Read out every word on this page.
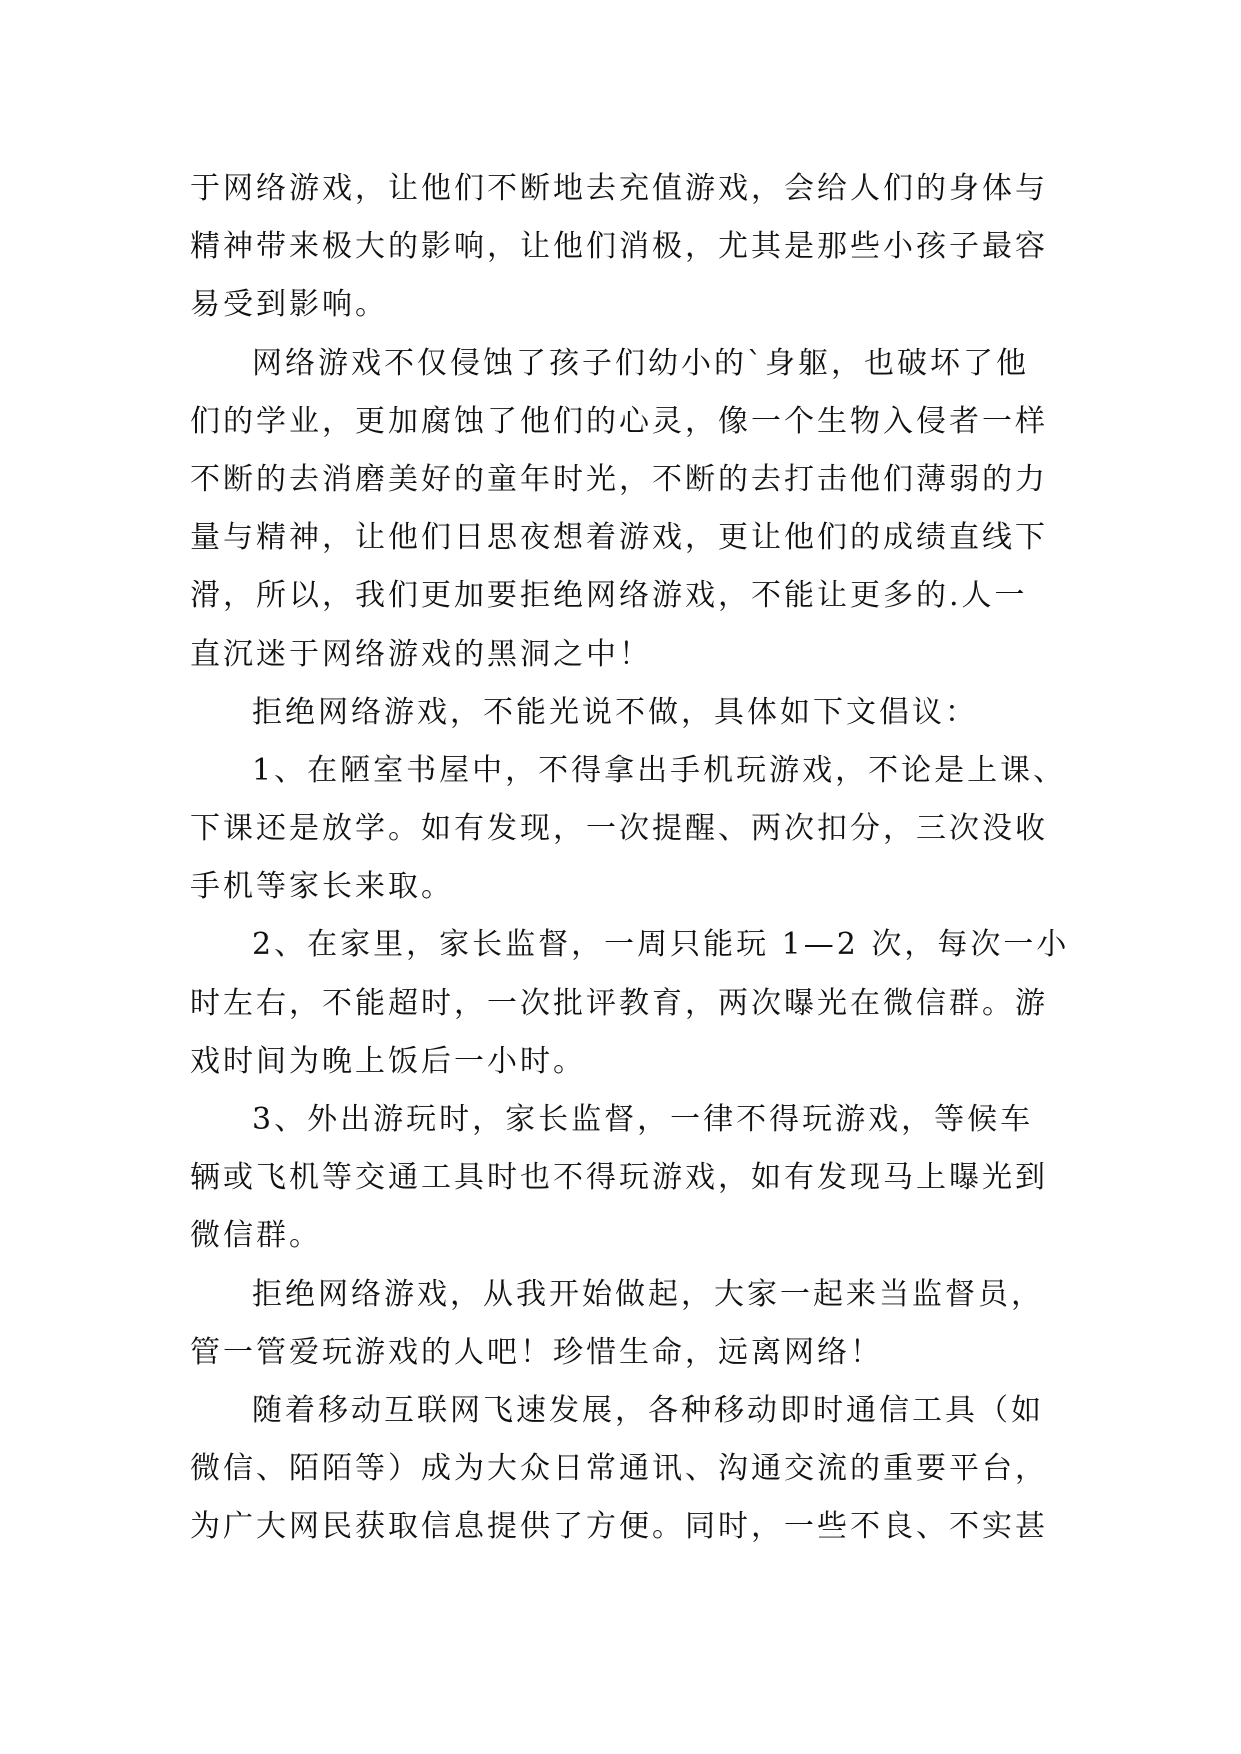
于网络游戏，让他们不断地去充值游戏，会给人们的身体与

精神带来极大的影响，让他们消极，尤其是那些小孩子最容

易受到影响。

网络游戏不仅侵蚀了孩子们幼小的`身躯，也破坏了他

们的学业，更加腐蚀了他们的心灵，像一个生物入侵者一样

不断的去消磨美好的童年时光，不断的去打击他们薄弱的力

量与精神，让他们日思夜想着游戏，更让他们的成绩直线下

滑，所以，我们更加要拒绝网络游戏，不能让更多的.人一

直沉迷于网络游戏的黑洞之中！

拒绝网络游戏，不能光说不做，具体如下文倡议：

1、在陋室书屋中，不得拿出手机玩游戏，不论是上课、

下课还是放学。如有发现，一次提醒、两次扣分，三次没收

手机等家长来取。

2、在家里，家长监督，一周只能玩 1—2 次，每次一小

时左右，不能超时，一次批评教育，两次曝光在微信群。游

戏时间为晚上饭后一小时。

3、外出游玩时，家长监督，一律不得玩游戏，等候车

辆或飞机等交通工具时也不得玩游戏，如有发现马上曝光到

微信群。

拒绝网络游戏，从我开始做起，大家一起来当监督员，

管一管爱玩游戏的人吧！珍惜生命，远离网络！

随着移动互联网飞速发展，各种移动即时通信工具（如

微信、陌陌等）成为大众日常通讯、沟通交流的重要平台，

为广大网民获取信息提供了方便。同时，一些不良、不实甚
